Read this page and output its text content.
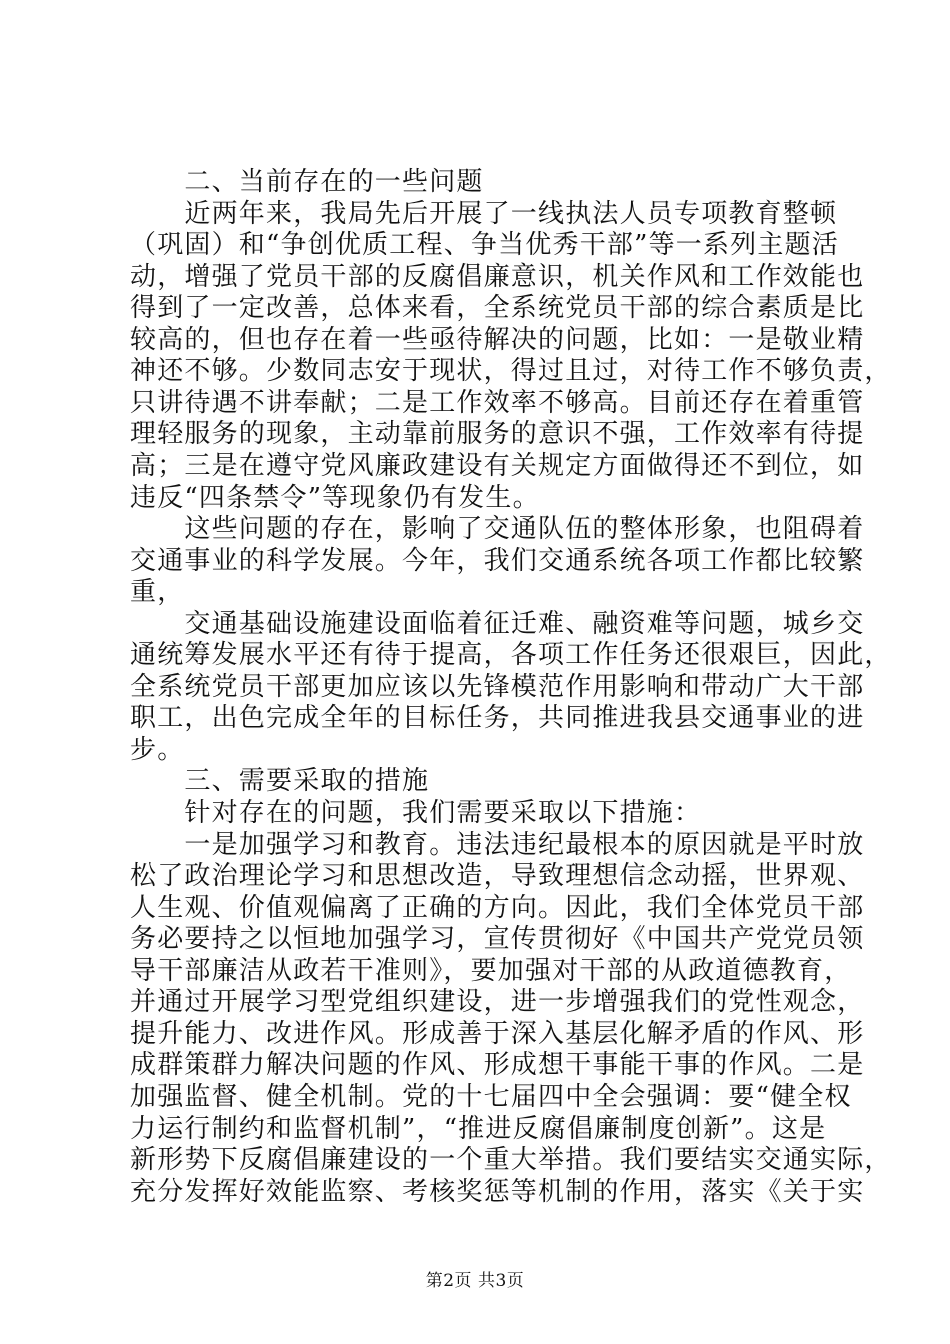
　　二、当前存在的一些问题
　　近两年来，我局先后开展了一线执法人员专项教育整顿
（巩固）和“争创优质工程、争当优秀干部”等一系列主题活
动，增强了党员干部的反腐倡廉意识，机关作风和工作效能也
得到了一定改善，总体来看，全系统党员干部的综合素质是比
较高的，但也存在着一些亟待解决的问题，比如：一是敬业精
神还不够。少数同志安于现状，得过且过，对待工作不够负责，
只讲待遇不讲奉献；二是工作效率不够高。目前还存在着重管
理轻服务的现象，主动靠前服务的意识不强，工作效率有待提
高；三是在遵守党风廉政建设有关规定方面做得还不到位，如
违反“四条禁令”等现象仍有发生。
　　这些问题的存在，影响了交通队伍的整体形象，也阻碍着
交通事业的科学发展。今年，我们交通系统各项工作都比较繁
重，
　　交通基础设施建设面临着征迁难、融资难等问题，城乡交
通统筹发展水平还有待于提高，各项工作任务还很艰巨，因此，
全系统党员干部更加应该以先锋模范作用影响和带动广大干部
职工，出色完成全年的目标任务，共同推进我县交通事业的进
步。
　　三、需要采取的措施
　　针对存在的问题，我们需要采取以下措施：
　　一是加强学习和教育。违法违纪最根本的原因就是平时放
松了政治理论学习和思想改造，导致理想信念动摇，世界观、
人生观、价值观偏离了正确的方向。因此，我们全体党员干部
务必要持之以恒地加强学习，宣传贯彻好《中国共产党党员领
导干部廉洁从政若干准则》，要加强对干部的从政道德教育，
并通过开展学习型党组织建设，进一步增强我们的党性观念，
提升能力、改进作风。形成善于深入基层化解矛盾的作风、形
成群策群力解决问题的作风、形成想干事能干事的作风。二是
加强监督、健全机制。党的十七届四中全会强调：要“健全权
力运行制约和监督机制”，“推进反腐倡廉制度创新”。这是
新形势下反腐倡廉建设的一个重大举措。我们要结实交通实际，
充分发挥好效能监察、考核奖惩等机制的作用，落实《关于实
第2页 共3页
